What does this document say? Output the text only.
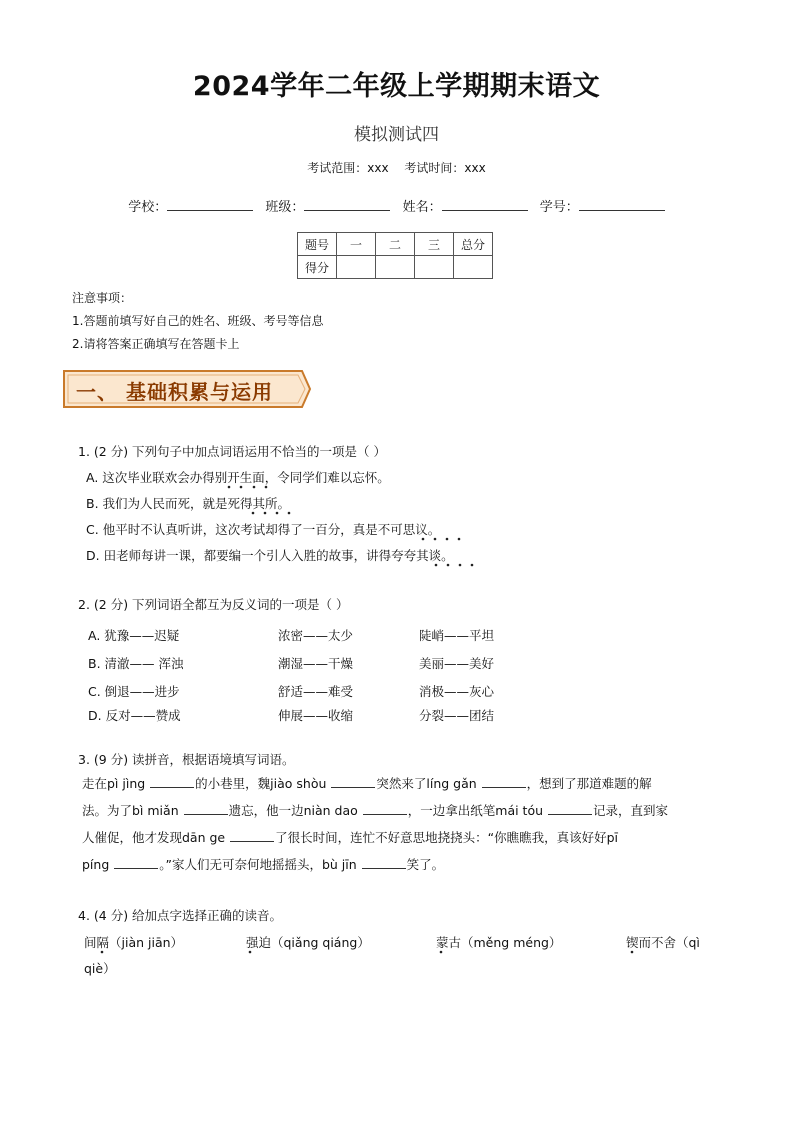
2024学年二年级上学期期末语文
模拟测试四
考试范围：xxx 考试时间：xxx
学校：	班级：	姓名：	学号：
题号	一	二	三	总分
得分				
注意事项：
1.答题前填写好自己的姓名、班级、考号等信息
2.请将答案正确填写在答题卡上
一、 基础积累与运用
1. (2 分) 下列句子中加点词语运用不恰当的一项是（ ）
A. 这次毕业联欢会办得别开生面，令同学们难以忘怀。
B. 我们为人民而死，就是死得其所。
C. 他平时不认真听讲，这次考试却得了一百分，真是不可思议。
D. 田老师每讲一课，都要编一个引人入胜的故事，讲得夸夸其谈。
2. (2 分) 下列词语全都互为反义词的一项是（ ）
A. 犹豫——迟疑	浓密——太少	陡峭——平坦
B. 清澈—— 浑浊	潮湿——干燥	美丽——美好
C. 倒退——进步	舒适——难受	消极——灰心
D. 反对——赞成	伸展——收缩	分裂——团结
3. (9 分) 读拼音，根据语境填写词语。
走在pì jìng	的小巷里，魏jiào shòu	突然来了líng gǎn	，想到了那道难题的解
法。为了bì miǎn	遗忘，他一边niàn dao	，一边拿出纸笔mái tóu	记录，直到家
人催促，他才发现dān ge	了很长时间，连忙不好意思地挠挠头：“你瞧瞧我，真该好好pī
píng	。”家人们无可奈何地摇摇头，bù jīn	笑了。
4. (4 分) 给加点字选择正确的读音。
间隔（jiàn jiān）	强迫（qiǎng qiáng）	蒙古（měng méng）	锲而不舍（qì
qiè）
